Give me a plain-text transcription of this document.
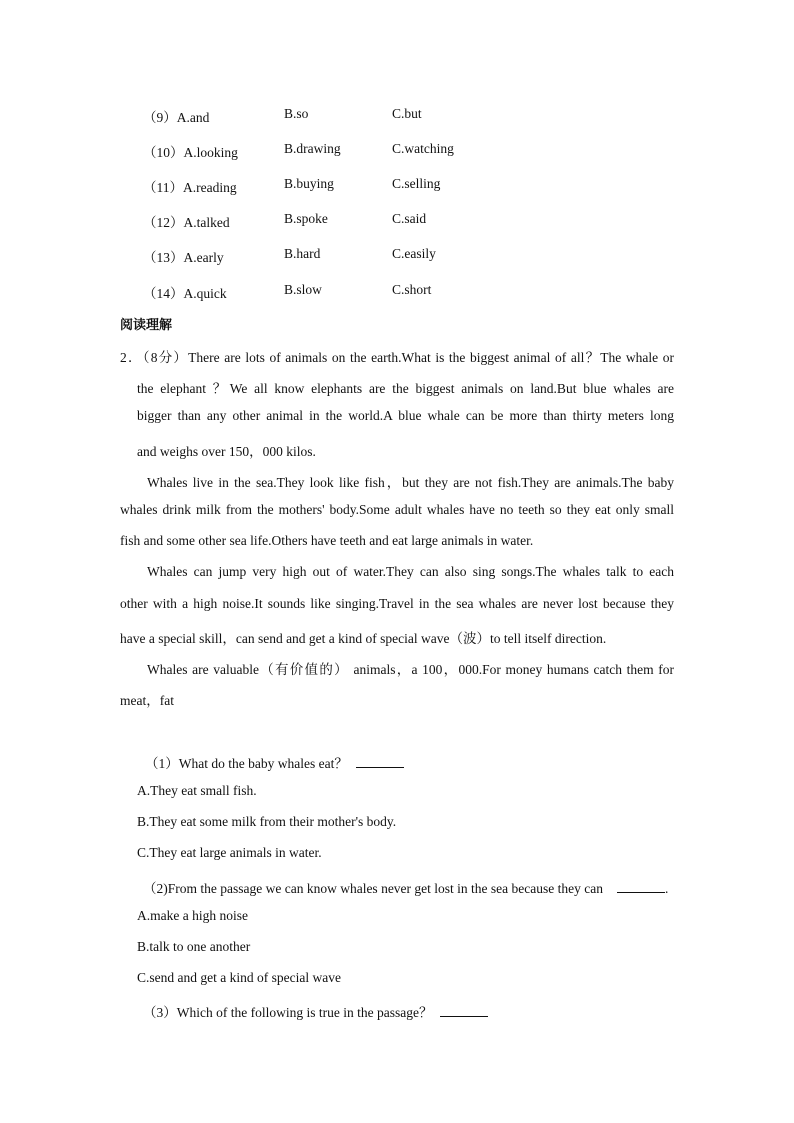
（9）A.and	B.so	C.but
（10）A.looking	B.drawing	C.watching
（11）A.reading	B.buying	C.selling
（12）A.talked	B.spoke	C.said
（13）A.early	B.hard	C.easily
（14）A.quick	B.slow	C.short
阅读理解
2．（8分）There are lots of animals on the earth.What is the biggest animal of all？The whale or
the elephant ？We all know elephants are the biggest animals on land.But blue whales are
bigger than any other animal in the world.A blue whale can be more than thirty meters long
and weighs over 150，000 kilos.
Whales live in the sea.They look like fish，but they are not fish.They are animals.The baby
whales drink milk from the mothers' body.Some adult whales have no teeth so they eat only small
fish and some other sea life.Others have teeth and eat large animals in water.
Whales can jump very high out of water.They can also sing songs.The whales talk to each
other with a high noise.It sounds like singing.Travel in the sea whales are never lost because they
have a special skill，can send and get a kind of special wave（波）to tell itself direction.
Whales are valuable（有价值的） animals，a 100，000.For money humans catch them for
meat，fat
（1）What do the baby whales eat？
A.They eat small fish.
B.They eat some milk from their mother's body.
C.They eat large animals in water.
（2)From the passage we can know whales never get lost in the sea because they can	.
A.make a high noise
B.talk to one another
C.send and get a kind of special wave
（3）Which of the following is true in the passage？
